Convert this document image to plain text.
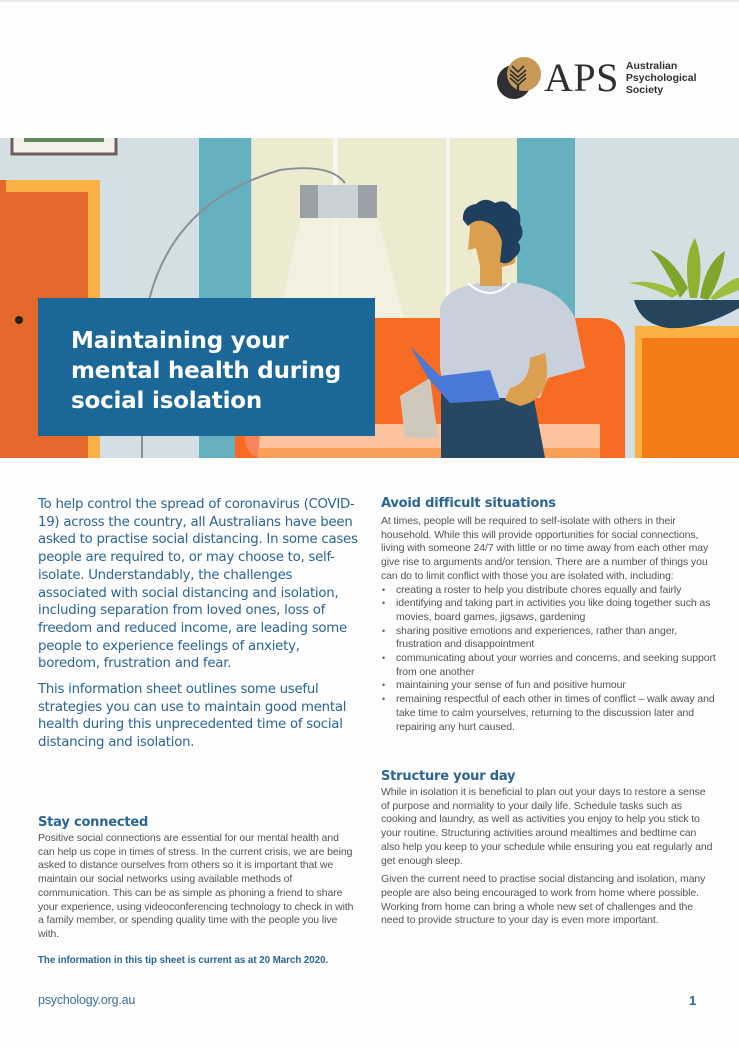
APS Australian
Psychological
Society
Maintaining your
mental health during
social isolation

To help control the spread of coronavirus (COVID-19) across the country, all Australians have been asked to practise social distancing. In some cases people are required to, or may choose to, self-isolate. Understandably, the challenges associated with social distancing and isolation, including separation from loved ones, loss of freedom and reduced income, are leading some people to experience feelings of anxiety, boredom, frustration and fear.

This information sheet outlines some useful strategies you can use to maintain good mental health during this unprecedented time of social distancing and isolation.

Stay connected

Positive social connections are essential for our mental health and can help us cope in times of stress. In the current crisis, we are being asked to distance ourselves from others so it is important that we maintain our social networks using available methods of communication. This can be as simple as phoning a friend to share your experience, using videoconferencing technology to check in with a family member, or spending quality time with the people you live with.

The information in this tip sheet is current as at 20 March 2020.

Avoid difficult situations

At times, people will be required to self-isolate with others in their household. While this will provide opportunities for social connections, living with someone 24/7 with little or no time away from each other may give rise to arguments and/or tension. There are a number of things you can do to limit conflict with those you are isolated with, including:

• creating a roster to help you distribute chores equally and fairly
• identifying and taking part in activities you like doing together such as movies, board games, jigsaws, gardening
• sharing positive emotions and experiences, rather than anger, frustration and disappointment
• communicating about your worries and concerns, and seeking support from one another
• maintaining your sense of fun and positive humour
• remaining respectful of each other in times of conflict – walk away and take time to calm yourselves, returning to the discussion later and repairing any hurt caused.
Structure your day

While in isolation it is beneficial to plan out your days to restore a sense of purpose and normality to your daily life. Schedule tasks such as cooking and laundry, as well as activities you enjoy to help you stick to your routine. Structuring activities around mealtimes and bedtime can also help you keep to your schedule while ensuring you eat regularly and get enough sleep.

Given the current need to practise social distancing and isolation, many people are also being encouraged to work from home where possible. Working from home can bring a whole new set of challenges and the need to provide structure to your day is even more important.

psychology.org.au	1
